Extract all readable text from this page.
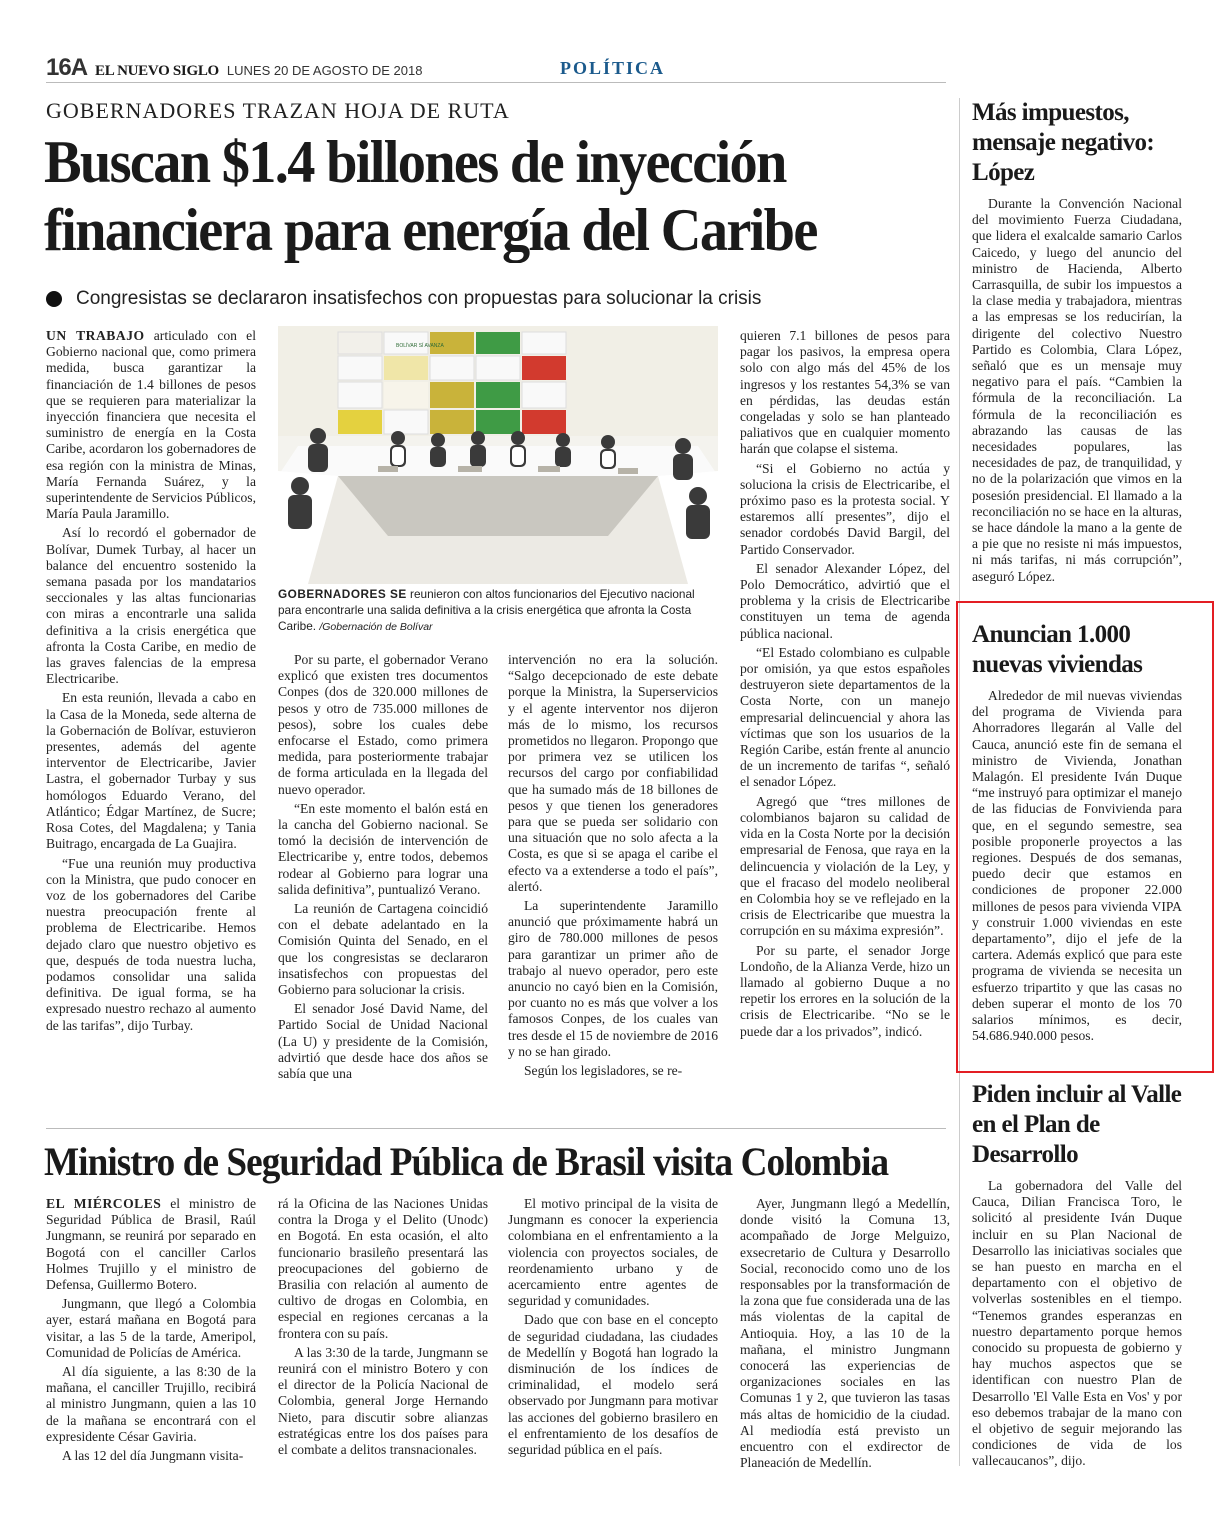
16A EL NUEVO SIGLO LUNES 20 DE AGOSTO DE 2018	POLÍTICA
GOBERNADORES TRAZAN HOJA DE RUTA
Buscan $1.4 billones de inyección
financiera para energía del Caribe
Congresistas se declararon insatisfechos con propuestas para solucionar la crisis

UN TRABAJO articulado con el Gobierno nacional que, como primera medida, busca garantizar la financiación de 1.4 billones de pesos que se requieren para materializar la inyección financiera que necesita el suministro de energía en la Costa Caribe, acordaron los gobernadores de esa región con la ministra de Minas, María Fernanda Suárez, y la superintendente de Servicios Públicos, María Paula Jaramillo.

Así lo recordó el gobernador de Bolívar, Dumek Turbay, al hacer un balance del encuentro sostenido la semana pasada por los mandatarios seccionales y las altas funcionarias con miras a encontrarle una salida definitiva a la crisis energética que afronta la Costa Caribe, en medio de las graves falencias de la empresa Electricaribe.

En esta reunión, llevada a cabo en la Casa de la Moneda, sede alterna de la Gobernación de Bolívar, estuvieron presentes, además del agente interventor de Electricaribe, Javier Lastra, el gobernador Turbay y sus homólogos Eduardo Verano, del Atlántico; Édgar Martínez, de Sucre; Rosa Cotes, del Magdalena; y Tania Buitrago, encargada de La Guajira.

“Fue una reunión muy productiva con la Ministra, que pudo conocer en voz de los gobernadores del Caribe nuestra preocupación frente al problema de Electricaribe. Hemos dejado claro que nuestro objetivo es que, después de toda nuestra lucha, podamos consolidar una salida definitiva. De igual forma, se ha expresado nuestro rechazo al aumento de las tarifas”, dijo Turbay.

BOLÍVAR SÍ AVANZA
GOBERNADORES SE reunieron con altos funcionarios del Ejecutivo nacional para encontrarle una salida definitiva a la crisis energética que afronta la Costa Caribe. /Gobernación de Bolívar

Por su parte, el gobernador Verano explicó que existen tres documentos Conpes (dos de 320.000 millones de pesos y otro de 735.000 millones de pesos), sobre los cuales debe enfocarse el Estado, como primera medida, para posteriormente trabajar de forma articulada en la llegada del nuevo operador.

“En este momento el balón está en la cancha del Gobierno nacional. Se tomó la decisión de intervención de Electricaribe y, entre todos, debemos rodear al Gobierno para lograr una salida definitiva”, puntualizó Verano.

La reunión de Cartagena coincidió con el debate adelantado en la Comisión Quinta del Senado, en el que los congresistas se declararon insatisfechos con propuestas del Gobierno para solucionar la crisis.

El senador José David Name, del Partido Social de Unidad Nacional (La U) y presidente de la Comisión, advirtió que desde hace dos años se sabía que una

intervención no era la solución. “Salgo decepcionado de este debate porque la Ministra, la Superservicios y el agente interventor nos dijeron más de lo mismo, los recursos prometidos no llegaron. Propongo que por primera vez se utilicen los recursos del cargo por confiabilidad que ha sumado más de 18 billones de pesos y que tienen los generadores para que se pueda ser solidario con una situación que no solo afecta a la Costa, es que si se apaga el caribe el efecto va a extenderse a todo el país”, alertó.

La superintendente Jaramillo anunció que próximamente habrá un giro de 780.000 millones de pesos para garantizar un primer año de trabajo al nuevo operador, pero este anuncio no cayó bien en la Comisión, por cuanto no es más que volver a los famosos Conpes, de los cuales van tres desde el 15 de noviembre de 2016 y no se han girado.

Según los legisladores, se re-

quieren 7.1 billones de pesos para pagar los pasivos, la empresa opera solo con algo más del 45% de los ingresos y los restantes 54,3% se van en pérdidas, las deudas están congeladas y solo se han planteado paliativos que en cualquier momento harán que colapse el sistema.

“Si el Gobierno no actúa y soluciona la crisis de Electricaribe, el próximo paso es la protesta social. Y estaremos allí presentes”, dijo el senador cordobés David Bargil, del Partido Conservador.

El senador Alexander López, del Polo Democrático, advirtió que el problema y la crisis de Electricaribe constituyen un tema de agenda pública nacional.

“El Estado colombiano es culpable por omisión, ya que estos españoles destruyeron siete departamentos de la Costa Norte, con un manejo empresarial delincuencial y ahora las víctimas que son los usuarios de la Región Caribe, están frente al anuncio de un incremento de tarifas “, señaló el senador López.

Agregó que “tres millones de colombianos bajaron su calidad de vida en la Costa Norte por la decisión empresarial de Fenosa, que raya en la delincuencia y violación de la Ley, y que el fracaso del modelo neoliberal en Colombia hoy se ve reflejado en la crisis de Electricaribe que muestra la corrupción en su máxima expresión”.

Por su parte, el senador Jorge Londoño, de la Alianza Verde, hizo un llamado al gobierno Duque a no repetir los errores en la solución de la crisis de Electricaribe. “No se le puede dar a los privados”, indicó.

Más impuestos, mensaje negativo: López

Durante la Convención Nacional del movimiento Fuerza Ciudadana, que lidera el exalcalde samario Carlos Caicedo, y luego del anuncio del ministro de Hacienda, Alberto Carrasquilla, de subir los impuestos a la clase media y trabajadora, mientras a las empresas se los reducirían, la dirigente del colectivo Nuestro Partido es Colombia, Clara López, señaló que es un mensaje muy negativo para el país. “Cambien la fórmula de la reconciliación. La fórmula de la reconciliación es abrazando las causas de las necesidades populares, las necesidades de paz, de tranquilidad, y no de la polarización que vimos en la posesión presidencial. El llamado a la reconciliación no se hace en la alturas, se hace dándole la mano a la gente de a pie que no resiste ni más impuestos, ni más tarifas, ni más corrupción”, aseguró López.

Anuncian 1.000 nuevas viviendas

Alrededor de mil nuevas viviendas del programa de Vivienda para Ahorradores llegarán al Valle del Cauca, anunció este fin de semana el ministro de Vivienda, Jonathan Malagón. El presidente Iván Duque “me instruyó para optimizar el manejo de las fiducias de Fonvivienda para que, en el segundo semestre, sea posible proponerle proyectos a las regiones. Después de dos semanas, puedo decir que estamos en condiciones de proponer 22.000 millones de pesos para vivienda VIPA y construir 1.000 viviendas en este departamento”, dijo el jefe de la cartera. Además explicó que para este programa de vivienda se necesita un esfuerzo tripartito y que las casas no deben superar el monto de los 70 salarios mínimos, es decir, 54.686.940.000 pesos.

Piden incluir al Valle en el Plan de Desarrollo

La gobernadora del Valle del Cauca, Dilian Francisca Toro, le solicitó al presidente Iván Duque incluir en su Plan Nacional de Desarrollo las iniciativas sociales que se han puesto en marcha en el departamento con el objetivo de volverlas sostenibles en el tiempo. “Tenemos grandes esperanzas en nuestro departamento porque hemos conocido su propuesta de gobierno y hay muchos aspectos que se identifican con nuestro Plan de Desarrollo 'El Valle Esta en Vos' y por eso debemos trabajar de la mano con el objetivo de seguir mejorando las condiciones de vida de los vallecaucanos”, dijo.

Ministro de Seguridad Pública de Brasil visita Colombia

EL MIÉRCOLES el ministro de Seguridad Pública de Brasil, Raúl Jungmann, se reunirá por separado en Bogotá con el canciller Carlos Holmes Trujillo y el ministro de Defensa, Guillermo Botero.

Jungmann, que llegó a Colombia ayer, estará mañana en Bogotá para visitar, a las 5 de la tarde, Ameripol, Comunidad de Policías de América.

Al día siguiente, a las 8:30 de la mañana, el canciller Trujillo, recibirá al ministro Jungmann, quien a las 10 de la mañana se encontrará con el expresidente César Gaviria.

A las 12 del día Jungmann visita-

rá la Oficina de las Naciones Unidas contra la Droga y el Delito (Unodc) en Bogotá. En esta ocasión, el alto funcionario brasileño presentará las preocupaciones del gobierno de Brasilia con relación al aumento de cultivo de drogas en Colombia, en especial en regiones cercanas a la frontera con su país.

A las 3:30 de la tarde, Jungmann se reunirá con el ministro Botero y con el director de la Policía Nacional de Colombia, general Jorge Hernando Nieto, para discutir sobre alianzas estratégicas entre los dos países para el combate a delitos transnacionales.

El motivo principal de la visita de Jungmann es conocer la experiencia colombiana en el enfrentamiento a la violencia con proyectos sociales, de reordenamiento urbano y de acercamiento entre agentes de seguridad y comunidades.

Dado que con base en el concepto de seguridad ciudadana, las ciudades de Medellín y Bogotá han logrado la disminución de los índices de criminalidad, el modelo será observado por Jungmann para motivar las acciones del gobierno brasilero en el enfrentamiento de los desafíos de seguridad pública en el país.

Ayer, Jungmann llegó a Medellín, donde visitó la Comuna 13, acompañado de Jorge Melguizo, exsecretario de Cultura y Desarrollo Social, reconocido como uno de los responsables por la transformación de la zona que fue considerada una de las más violentas de la capital de Antioquia. Hoy, a las 10 de la mañana, el ministro Jungmann conocerá las experiencias de organizaciones sociales en las Comunas 1 y 2, que tuvieron las tasas más altas de homicidio de la ciudad. Al mediodía está previsto un encuentro con el exdirector de Planeación de Medellín.
